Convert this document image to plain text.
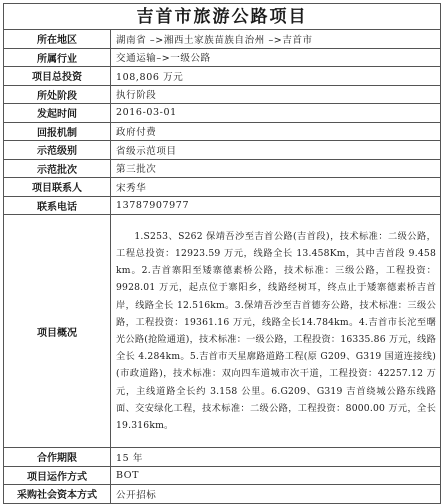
吉首市旅游公路项目
所在地区	湖南省 –>湘西土家族苗族自治州 –>吉首市
所属行业	交通运输–>一级公路
项目总投资	108,806 万元
所处阶段	执行阶段
发起时间	2016-03-01
回报机制	政府付费
示范级别	省级示范项目
示范批次	第三批次
项目联系人	宋秀华
联系电话	13787907977
项目概况	1.S253、S262 保靖吾沙至吉首公路(吉首段)，技术标准：二级公路，工程总投资：12923.59 万元，线路全长 13.458Km，其中吉首段 9.458 km。2.吉首寨阳至矮寨德素桥公路，技术标准：三级公路，工程投资：9928.01 万元，起点位于寨阳乡，线路经树耳，终点止于矮寨德素桥吉首岸，线路全长 12.516km。3.保靖吾沙至吉首德夯公路，技术标准：三级公路，工程投资：19361.16 万元，线路全长14.784km。4.吉首市长沱至曙光公路(抢险通道)，技术标准：一级公路，工程投资：16335.86 万元，线路全长 4.284km。5.吉首市天星廓路道路工程(原 G209、G319 国道连接线)(市政道路)，技术标准：双向四车道城市次干道，工程投资：42257.12 万元，主线道路全长约 3.158 公里。6.G209、G319 吉首绕城公路东线路面、交安绿化工程，技术标准：二级公路，工程投资：8000.00 万元，全长 19.316km。
合作期限	15 年
项目运作方式	BOT
采购社会资本方式	公开招标
